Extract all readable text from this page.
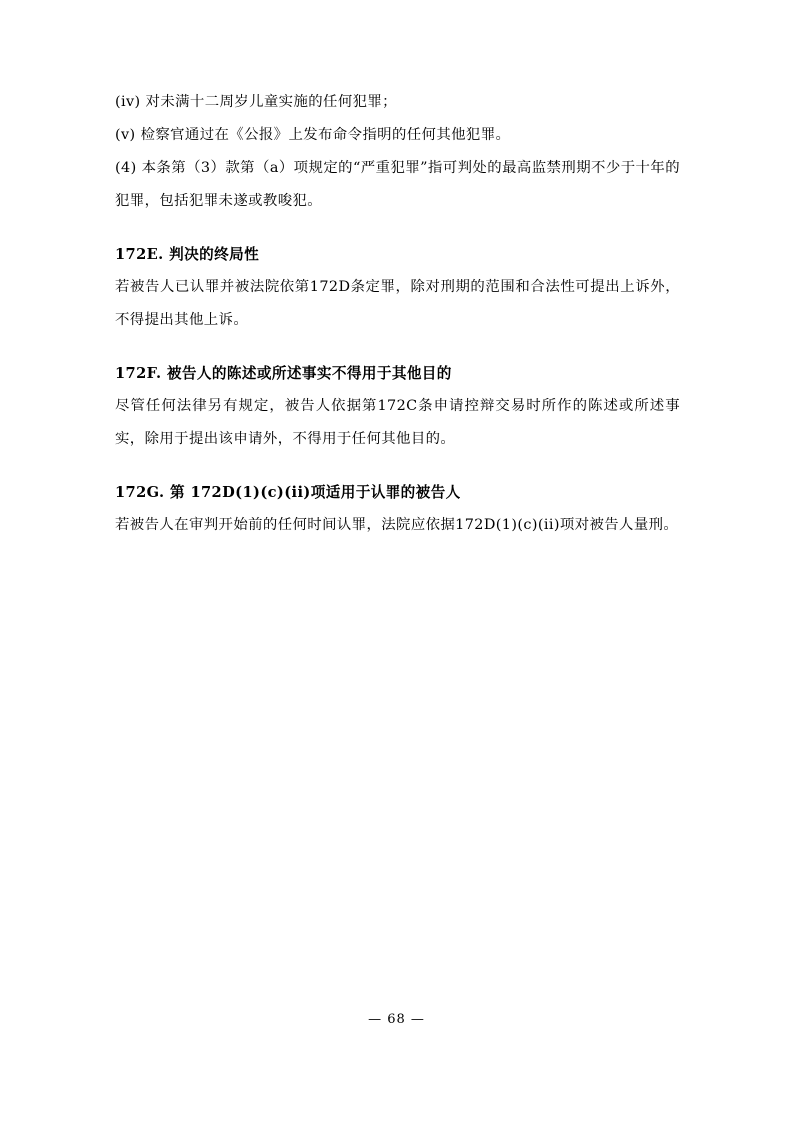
(iv) 对未满十二周岁儿童实施的任何犯罪；

(v) 检察官通过在《公报》上发布命令指明的任何其他犯罪。

(4) 本条第（3）款第（a）项规定的“严重犯罪”指可判处的最高监禁刑期不少于十年的犯罪，包括犯罪未遂或教唆犯。

172E. 判决的终局性

若被告人已认罪并被法院依第172D条定罪，除对刑期的范围和合法性可提出上诉外，不得提出其他上诉。

172F. 被告人的陈述或所述事实不得用于其他目的

尽管任何法律另有规定，被告人依据第172C条申请控辩交易时所作的陈述或所述事实，除用于提出该申请外，不得用于任何其他目的。

172G. 第 172D(1)(c)(ii)项适用于认罪的被告人

若被告人在审判开始前的任何时间认罪，法院应依据172D(1)(c)(ii)项对被告人量刑。

— 68 —
